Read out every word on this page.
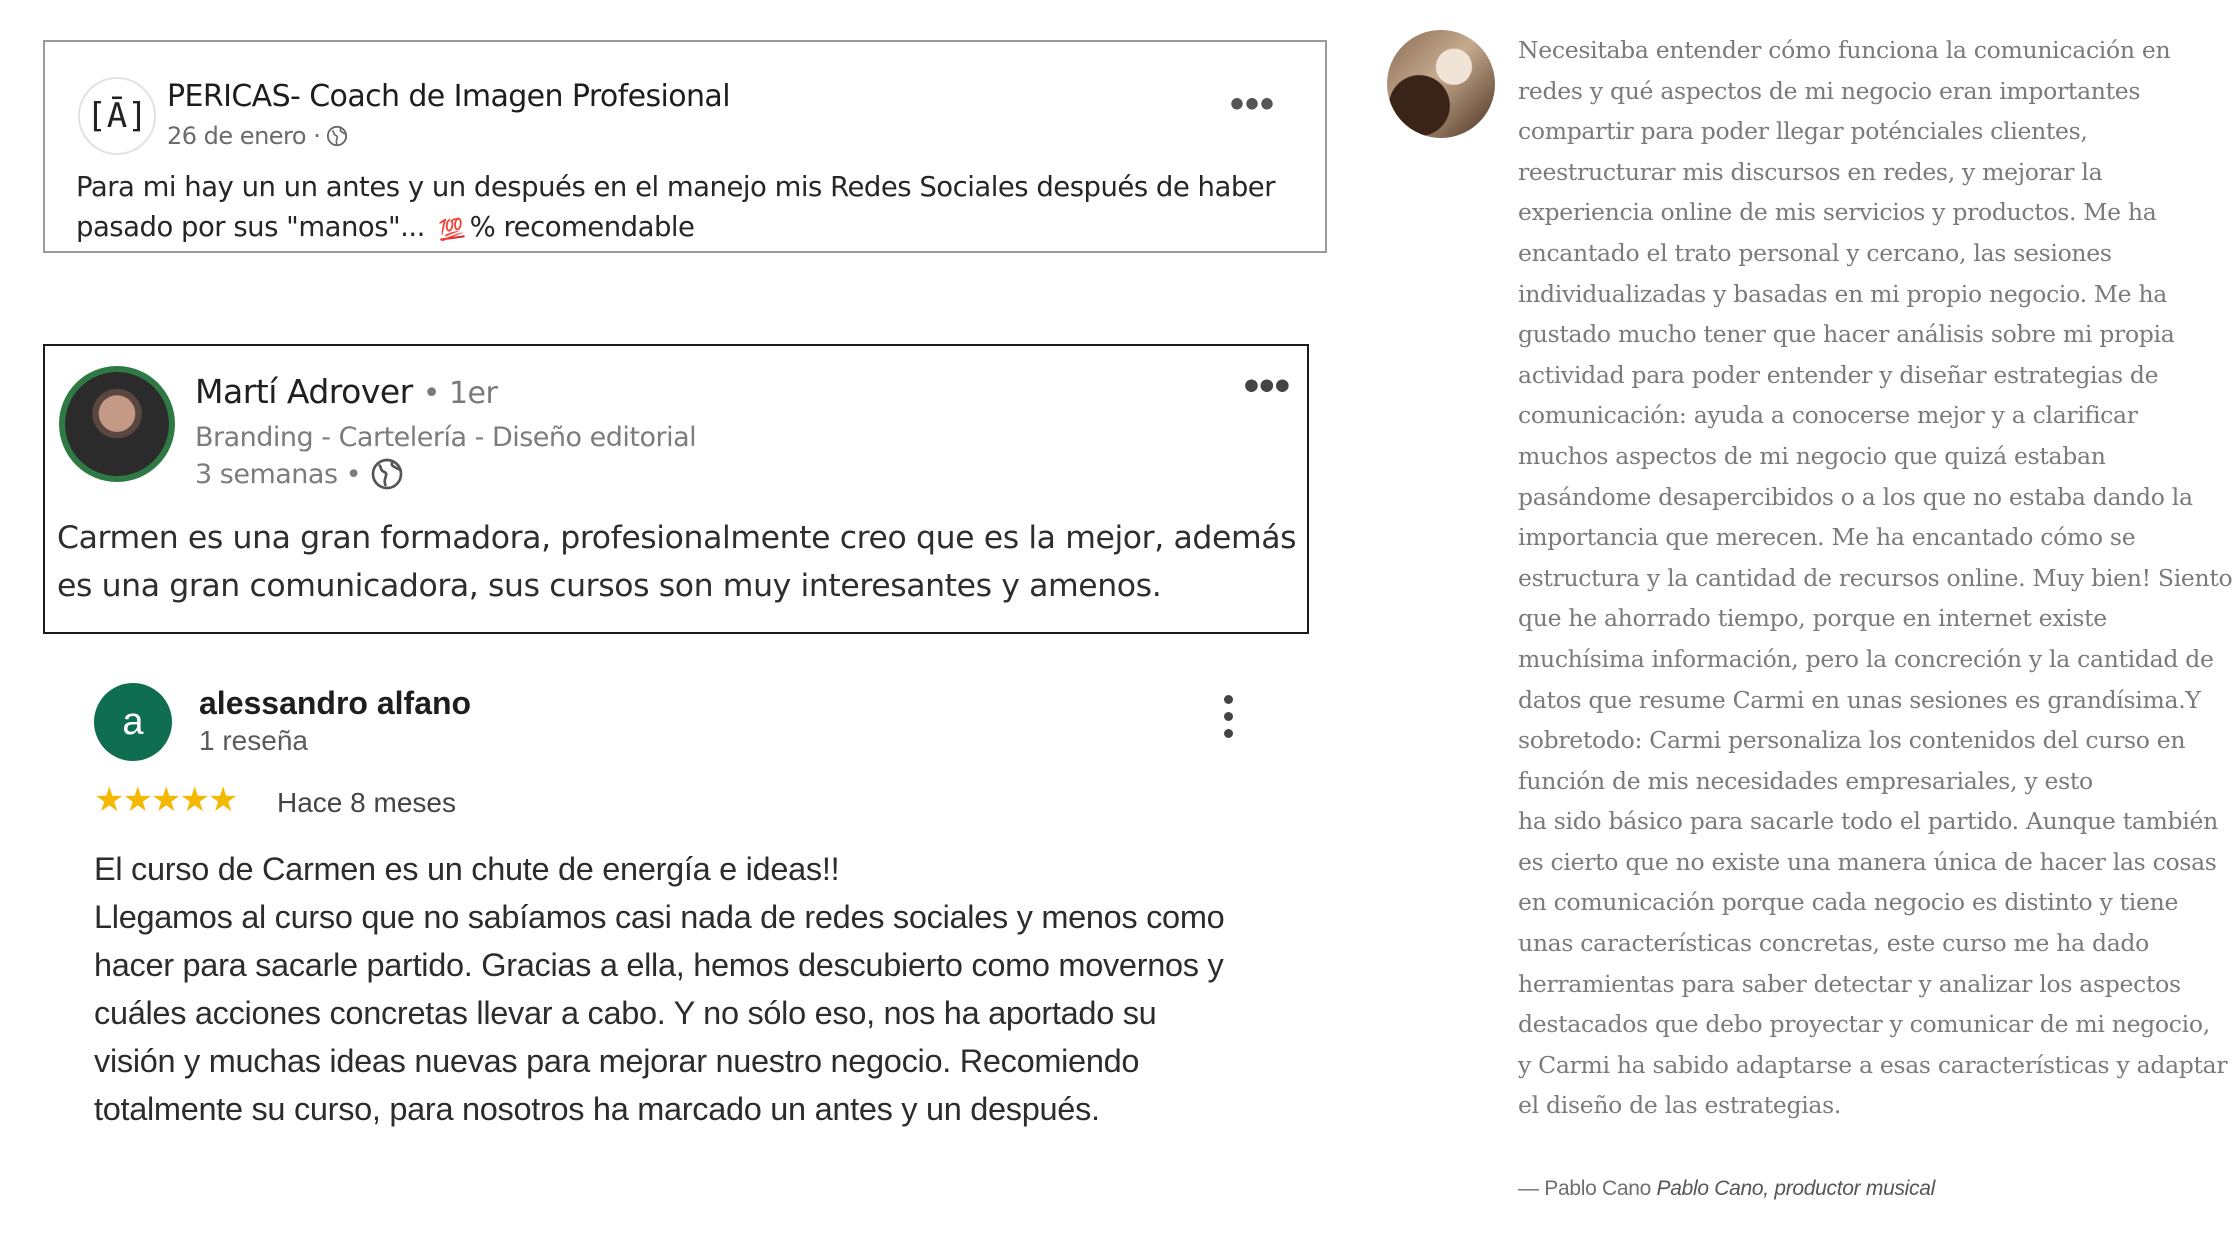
[Ā] PERICAS- Coach de Imagen Profesional
26 de enero ·
•••
Para mi hay un un antes y un después en el manejo mis Redes Sociales después de haber pasado por sus "manos"... 💯 % recomendable
Martí Adrover • 1er
Branding - Cartelería - Diseño editorial
3 semanas •
•••
Carmen es una gran formadora, profesionalmente creo que es la mejor, además es una gran comunicadora, sus cursos son muy interesantes y amenos.
a	alessandro alfano
1 reseña
★★★★★ Hace 8 meses

El curso de Carmen es un chute de energía e ideas!!

Llegamos al curso que no sabíamos casi nada de redes sociales y menos como hacer para sacarle partido. Gracias a ella, hemos descubierto como movernos y cuáles acciones concretas llevar a cabo. Y no sólo eso, nos ha aportado su visión y muchas ideas nuevas para mejorar nuestro negocio. Recomiendo totalmente su curso, para nosotros ha marcado un antes y un después.

Necesitaba entender cómo funciona la comunicación en
redes y qué aspectos de mi negocio eran importantes
compartir para poder llegar poténciales clientes,
reestructurar mis discursos en redes, y mejorar la
experiencia online de mis servicios y productos. Me ha
encantado el trato personal y cercano, las sesiones
individualizadas y basadas en mi propio negocio. Me ha
gustado mucho tener que hacer análisis sobre mi propia
actividad para poder entender y diseñar estrategias de
comunicación: ayuda a conocerse mejor y a clarificar
muchos aspectos de mi negocio que quizá estaban
pasándome desapercibidos o a los que no estaba dando la
importancia que merecen. Me ha encantado cómo se
estructura y la cantidad de recursos online. Muy bien! Siento
que he ahorrado tiempo, porque en internet existe
muchísima información, pero la concreción y la cantidad de
datos que resume Carmi en unas sesiones es grandísima.Y
sobretodo: Carmi personaliza los contenidos del curso en
función de mis necesidades empresariales, y esto
ha sido básico para sacarle todo el partido. Aunque también
es cierto que no existe una manera única de hacer las cosas
en comunicación porque cada negocio es distinto y tiene
unas características concretas, este curso me ha dado
herramientas para saber detectar y analizar los aspectos
destacados que debo proyectar y comunicar de mi negocio,
y Carmi ha sabido adaptarse a esas características y adaptar
el diseño de las estrategias.
— Pablo Cano Pablo Cano, productor musical
